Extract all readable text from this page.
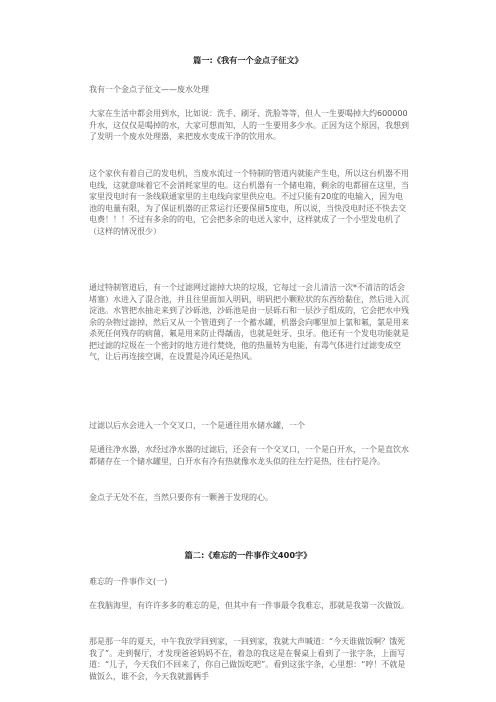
篇一:《我有一个金点子征文》

我有一个金点子征文——废水处理

大家在生活中都会用到水，比如说：洗手、刷牙、洗脸等等，但人一生要喝掉大约600000升水，这仅仅是喝掉的水，大家可想而知，人的一生要用多少水。正因为这个原因，我想到了发明一个废水处理器，来把废水变成干净的饮用水。

这个家伙有着自己的发电机，当废水流过一个特制的管道内就能产生电，所以这台机器不用电线，这就意味着它不会消耗家里的电。这台机器有一个储电箱，剩余的电都留在这里，当家里没电时有一条线联通家里的主电线向家里供应电。不过只能有20度的电输入，因为电池的电量有限，为了保证机器的正常运行还要保留5度电，所以说，当快没电时还不快去交电费！！！不过有多余的的电，它会把多余的电送入家中，这样就成了一个小型发电机了（这样的情况很少）

通过特制管道后，有一个过滤网过滤掉大块的垃圾，它每过一会儿清洁一次*不清洁的话会堵塞）水进入了混合池，并且往里面加入明矾，明矾把小颗粒状的东西给黏住，然后进入沉淀池。水管把水抽走来到了沙砾池，沙砾池是由一层砾石和一层沙子组成的，它会把水中残余的杂物过滤掉，然后又从一个管道到了一个蓄水罐，机器会向哪里加上氯和氟，氯是用来杀死任何残存的病菌，氟是用来防止得龋齿，也就是蛀牙、虫牙。他还有一个发电功能就是把过滤的垃圾在一个密封的地方进行焚烧，他的热量转为电能，有毒气体进行过滤变成空气，让后再连接空调，在设置是冷风还是热风。

过滤以后水会进入一个交叉口，一个是通往用水储水罐，一个

是通往净水器，水经过净水器的过滤后，还会有一个交叉口，一个是白开水，一个是直饮水都储存在一个储水罐里，白开水有冷有热就像水龙头似的往左拧是热，往右拧是冷。

金点子无处不在，当然只要你有一颗善于发现的心。

篇二:《难忘的一件事作文400字》

难忘的一件事作文(一)

在我脑海里，有许许多多的难忘的是，但其中有一件事最令我难忘，那就是我第一次做饭。

那是那一年的夏天，中午我放学回到家，一回到家，我就大声喊道：“今天谁做饭啊？饿死我了”。走到餐厅，才发现爸爸妈妈不在，着急的我这是在餐桌上看到了一张字条，上面写道：“儿子，今天我们不回来了，你自己做饭吃吧”。看到这张字条，心里想：“哼！不就是做饭么，谁不会，今天我就露俩手
